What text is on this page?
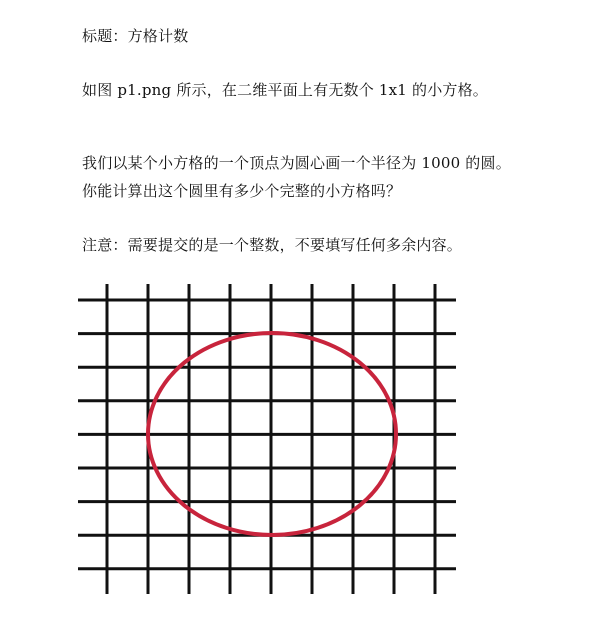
标题：方格计数
如图 p1.png 所示，在二维平面上有无数个 1x1 的小方格。
我们以某个小方格的一个顶点为圆心画一个半径为 1000 的圆。
你能计算出这个圆里有多少个完整的小方格吗？
注意：需要提交的是一个整数，不要填写任何多余内容。
